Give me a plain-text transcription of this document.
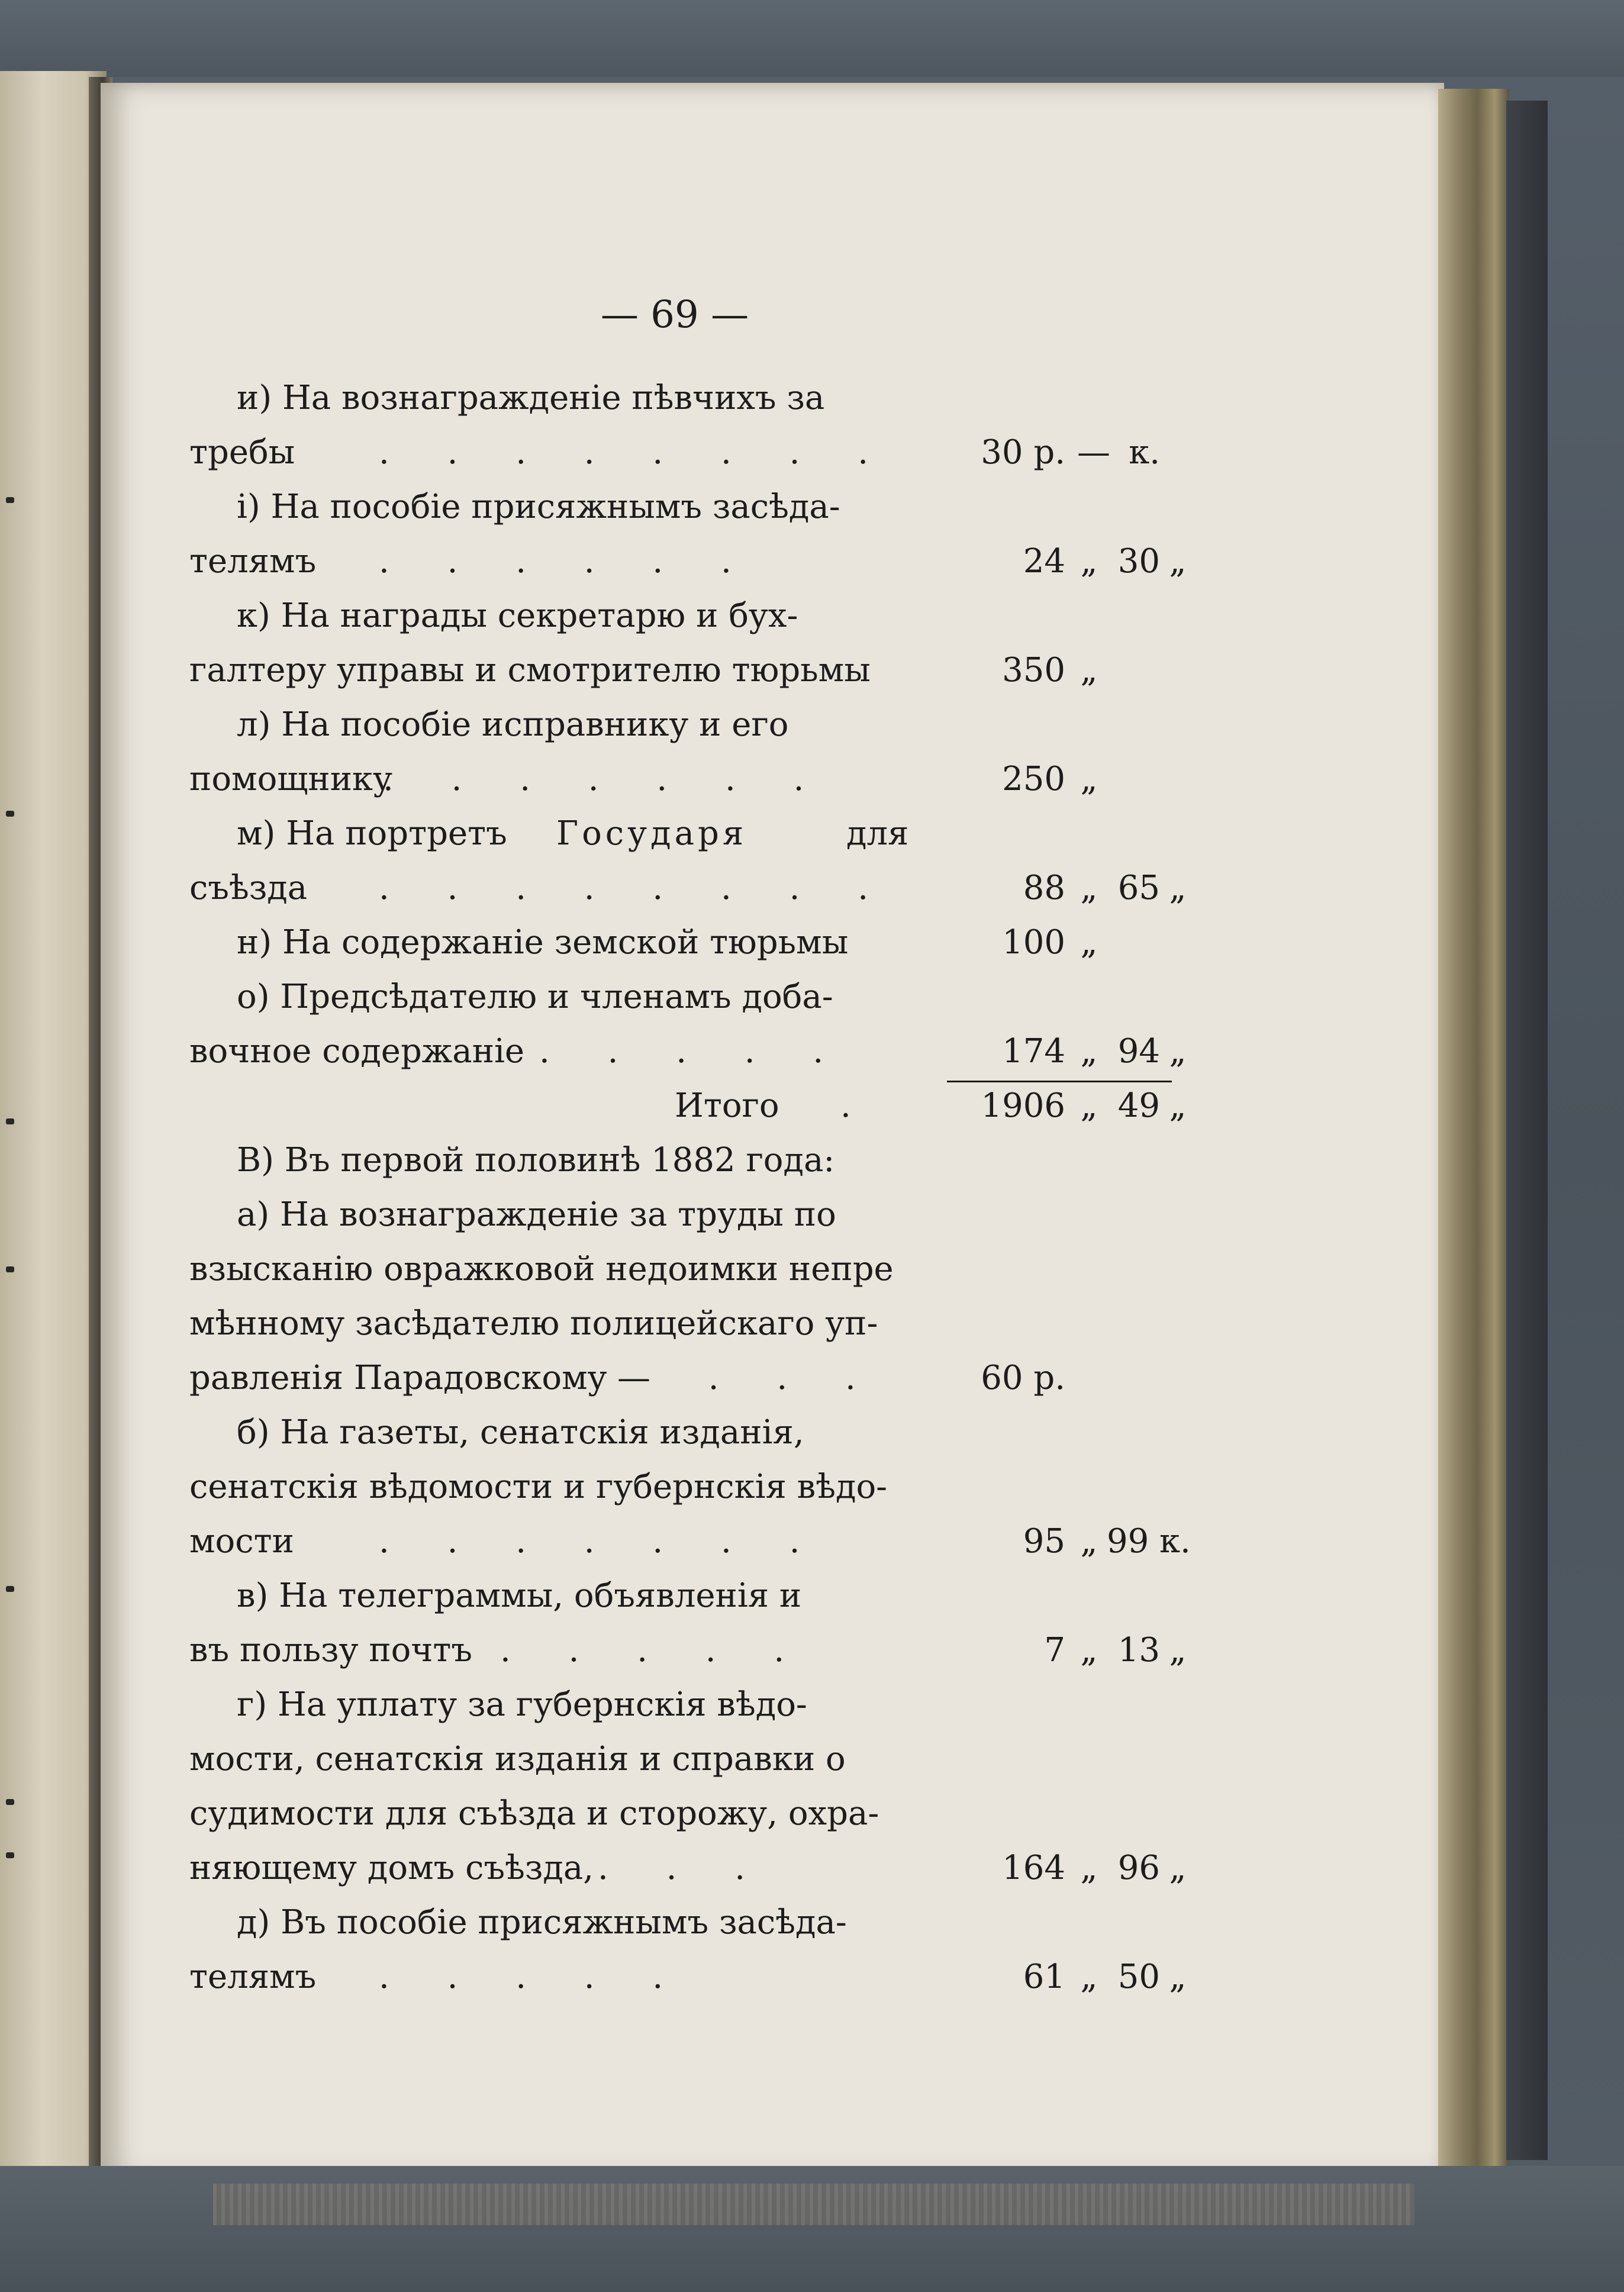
— 69 —
и) На вознагражденіе пѣвчихъ за
требы	. . . . . . . .	30 р. — к.
і) На пособіе присяжнымъ засѣда-
телямъ . . . . . .	24 „ 30 „
к) На награды секретарю и бух-
галтеру управы и смотрителю тюрьмы	350 „
л) На пособіе исправнику и его
помощнику
. . . . . . .	250 „
м) На портретъ Государя	для
съѣзда . . . . . . . .	88 „ 65 „
н) На содержаніе земской тюрьмы	100 „
о) Предсѣдателю и членамъ доба-
вочное содержаніе . . . . .	174 „ 94 „
Итого .	1906 „ 49 „
В) Въ первой половинѣ 1882 года:
а) На вознагражденіе за труды по
взысканію овражковой недоимки непре
мѣнному засѣдателю полицейскаго уп-
равленія Парадовскому — . . .	60 р.
б) На газеты, сенатскія изданія,
сенатскія вѣдомости и губернскія вѣдо-
мости	. . . . . . .	95 „ 99 к.
в) На телеграммы, объявленія и
въ пользу почтъ . . . . .	7 „ 13 „
г) На уплату за губернскія вѣдо-
мости, сенатскія изданія и справки о
судимости для съѣзда и сторожу, охра-
няющему домъ съѣзда, . . .	164 „ 96 „
д) Въ пособіе присяжнымъ засѣда-
телямъ . . . . .	61 „ 50 „
